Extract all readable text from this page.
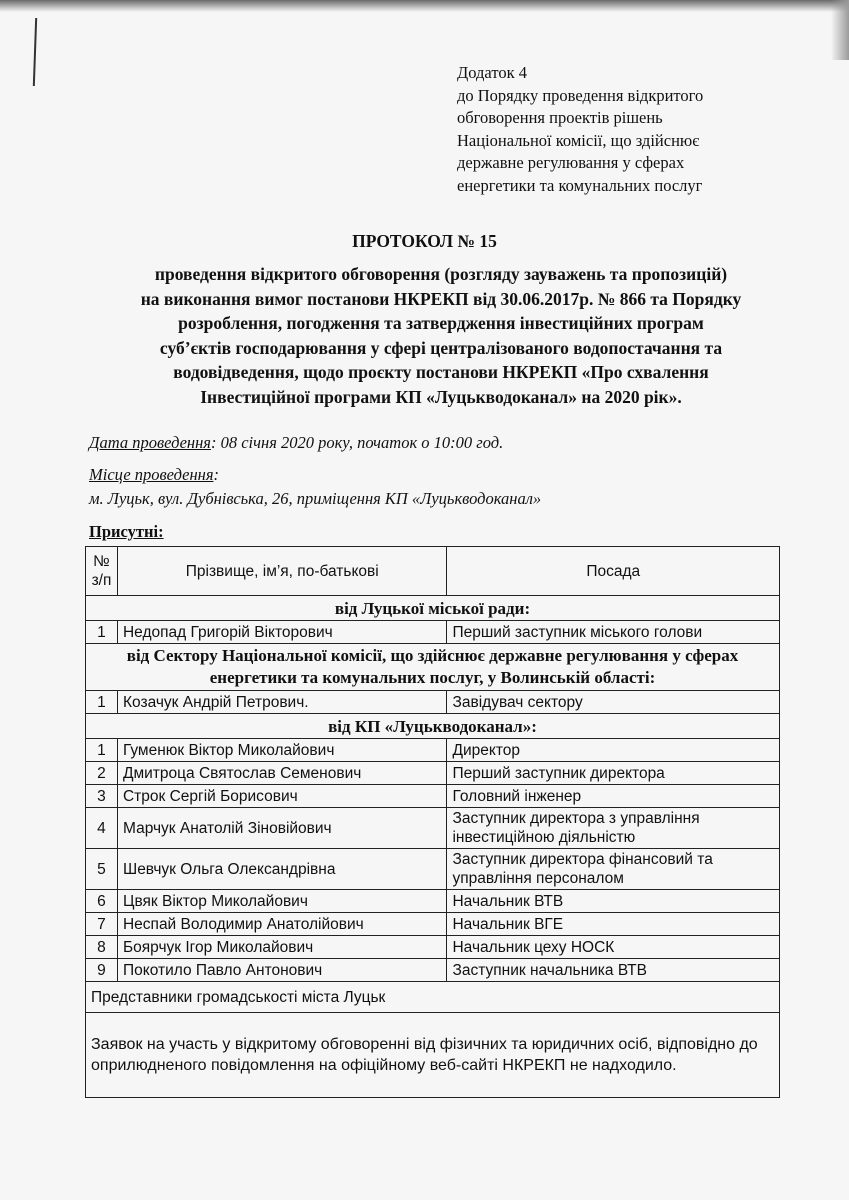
Додаток 4
до Порядку проведення відкритого
обговорення проектів рішень
Національної комісії, що здійснює
державне регулювання у сферах
енергетики та комунальних послуг
ПРОТОКОЛ № 15
проведення відкритого обговорення (розгляду зауважень та пропозицій)
на виконання вимог постанови НКРЕКП від 30.06.2017р. № 866 та Порядку
розроблення, погодження та затвердження інвестиційних програм
суб’єктів господарювання у сфері централізованого водопостачання та
водовідведення, щодо проєкту постанови НКРЕКП «Про схвалення
Інвестиційної програми КП «Луцькводоканал» на 2020 рік».
Дата проведення: 08 січня 2020 року, початок о 10:00 год.
Місце проведення:
м. Луцьк, вул. Дубнівська, 26, приміщення КП «Луцькводоканал»
Присутні:
№ з/п	Прізвище, ім’я, по-батькові	Посада
від Луцької міської ради:		
1	Недопад Григорій Вікторович	Перший заступник міського голови
від Сектору Національної комісії, що здійснює державне регулювання у сферах енергетики та комунальних послуг, у Волинській області:		
1	Козачук Андрій Петрович.	Завідувач сектору
від КП «Луцькводоканал»:		
1	Гуменюк Віктор Миколайович	Директор
2	Дмитроца Святослав Семенович	Перший заступник директора
3	Строк Сергій Борисович	Головний інженер
4	Марчук Анатолій Зіновійович	Заступник директора з управління інвестиційною діяльністю
5	Шевчук Ольга Олександрівна	Заступник директора фінансовий та управління персоналом
6	Цвяк Віктор Миколайович	Начальник ВТВ
7	Неспай Володимир Анатолійович	Начальник ВГЕ
8	Боярчук Ігор Миколайович	Начальник цеху НОСК
9	Покотило Павло Антонович	Заступник начальника ВТВ
Представники громадськості міста Луцьк		
Заявок на участь у відкритому обговоренні від фізичних та юридичних осіб, відповідно до оприлюдненого повідомлення на офіційному веб-сайті НКРЕКП не надходило.		
